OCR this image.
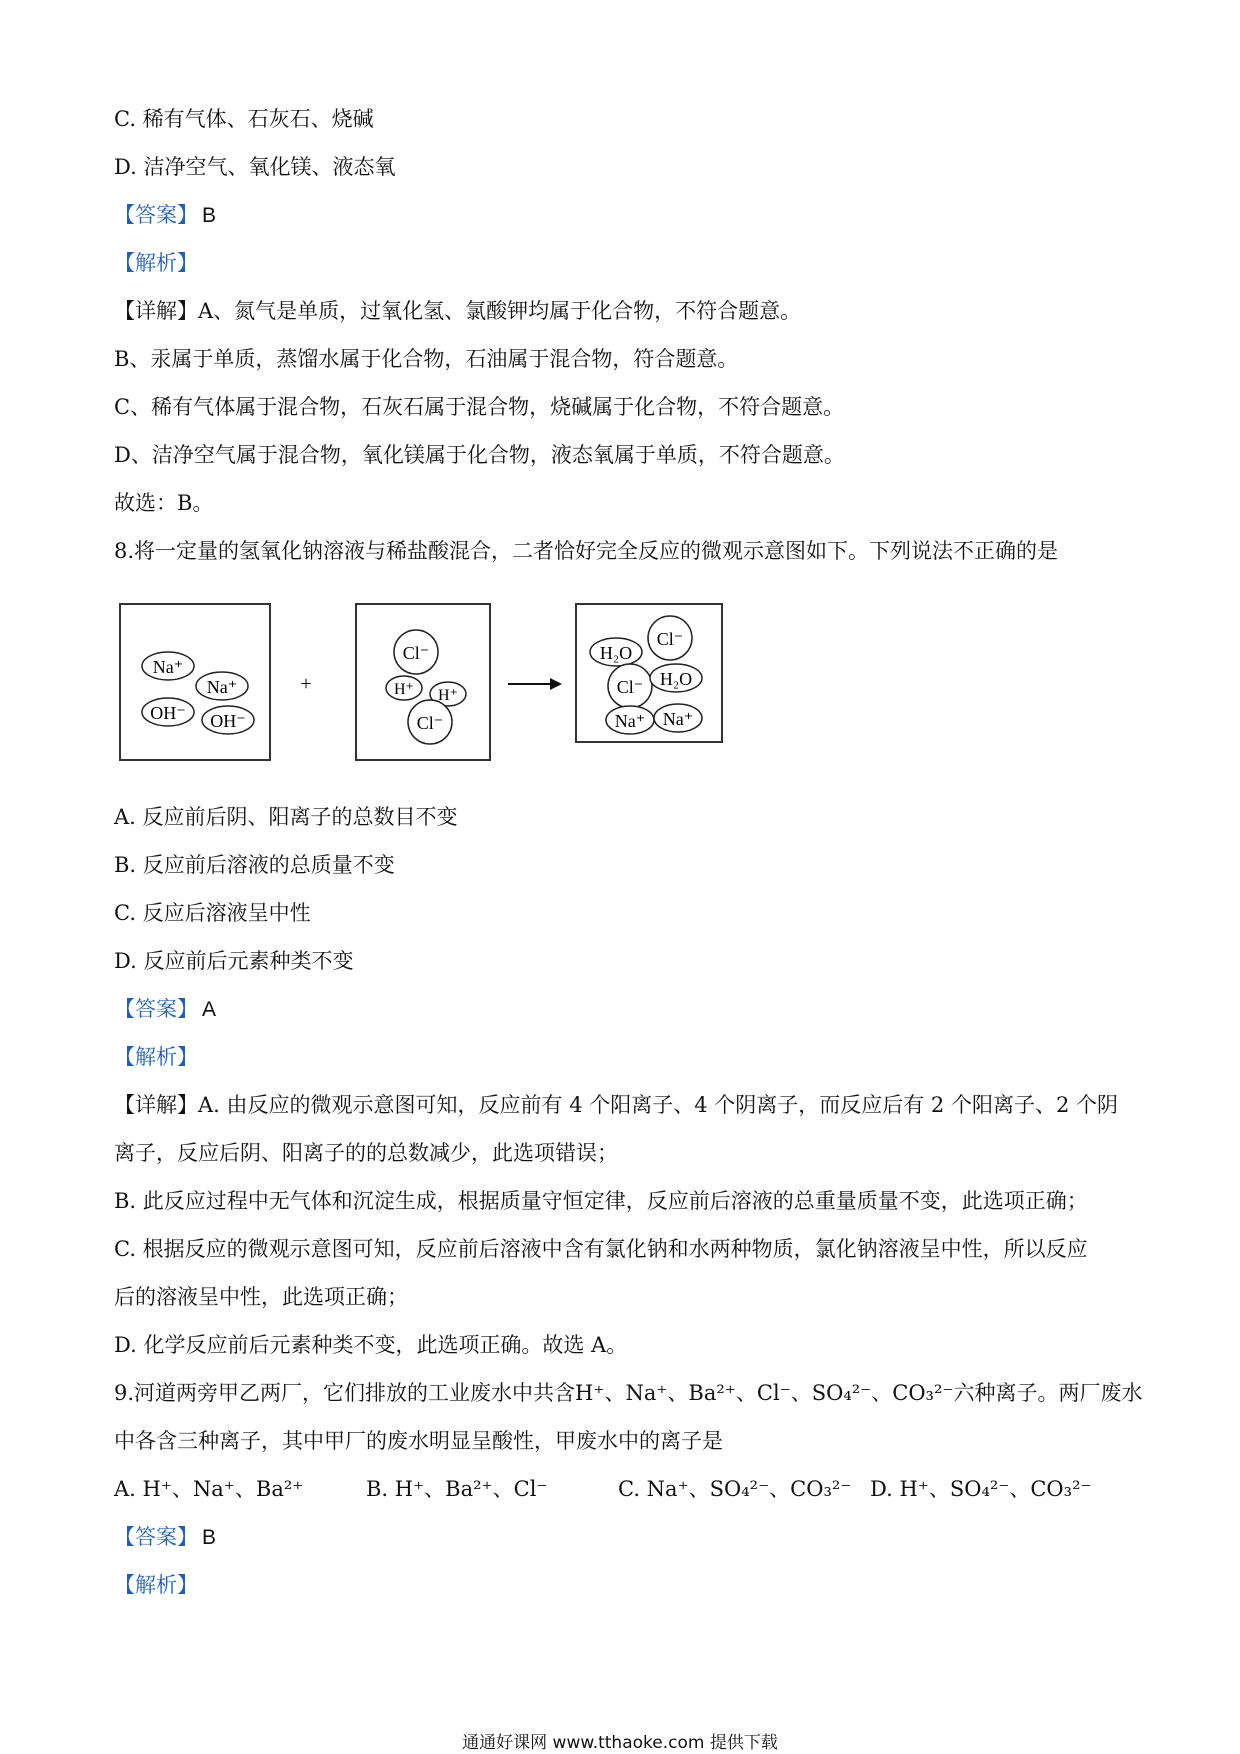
C. 稀有气体、石灰石、烧碱
D. 洁净空气、氧化镁、液态氧
【答案】 B
【解析】
【详解】A、氮气是单质，过氧化氢、氯酸钾均属于化合物，不符合题意。
B、汞属于单质，蒸馏水属于化合物，石油属于混合物，符合题意。
C、稀有气体属于混合物，石灰石属于混合物，烧碱属于化合物，不符合题意。
D、洁净空气属于混合物，氧化镁属于化合物，液态氧属于单质，不符合题意。
故选：B。
8.将一定量的氢氧化钠溶液与稀盐酸混合，二者恰好完全反应的微观示意图如下。下列说法不正确的是
Na⁺
Na⁺
OH⁻ OH⁻
+
Cl⁻
H⁺ H⁺
Cl⁻
Cl⁻
H₂O
Cl⁻ H₂O
Na⁺ Na⁺
A. 反应前后阴、阳离子的总数目不变
B. 反应前后溶液的总质量不变
C. 反应后溶液呈中性
D. 反应前后元素种类不变
【答案】 A
【解析】
【详解】A. 由反应的微观示意图可知，反应前有 4 个阳离子、4 个阴离子，而反应后有 2 个阳离子、2 个阴
离子，反应后阴、阳离子的的总数减少，此选项错误；
B. 此反应过程中无气体和沉淀生成，根据质量守恒定律，反应前后溶液的总重量质量不变，此选项正确；
C. 根据反应的微观示意图可知，反应前后溶液中含有氯化钠和水两种物质，氯化钠溶液呈中性，所以反应
后的溶液呈中性，此选项正确；
D. 化学反应前后元素种类不变，此选项正确。故选 A。
9.河道两旁甲乙两厂，它们排放的工业废水中共含H⁺、Na⁺、Ba²⁺、Cl⁻、SO₄²⁻、CO₃²⁻六种离子。两厂废水
中各含三种离子，其中甲厂的废水明显呈酸性，甲废水中的离子是
A. H⁺、Na⁺、Ba²⁺	B. H⁺、Ba²⁺、Cl⁻	C. Na⁺、SO₄²⁻、CO₃²⁻ D. H⁺、SO₄²⁻、CO₃²⁻
【答案】 B
【解析】
通通好课网 www.tthaoke.com 提供下载
